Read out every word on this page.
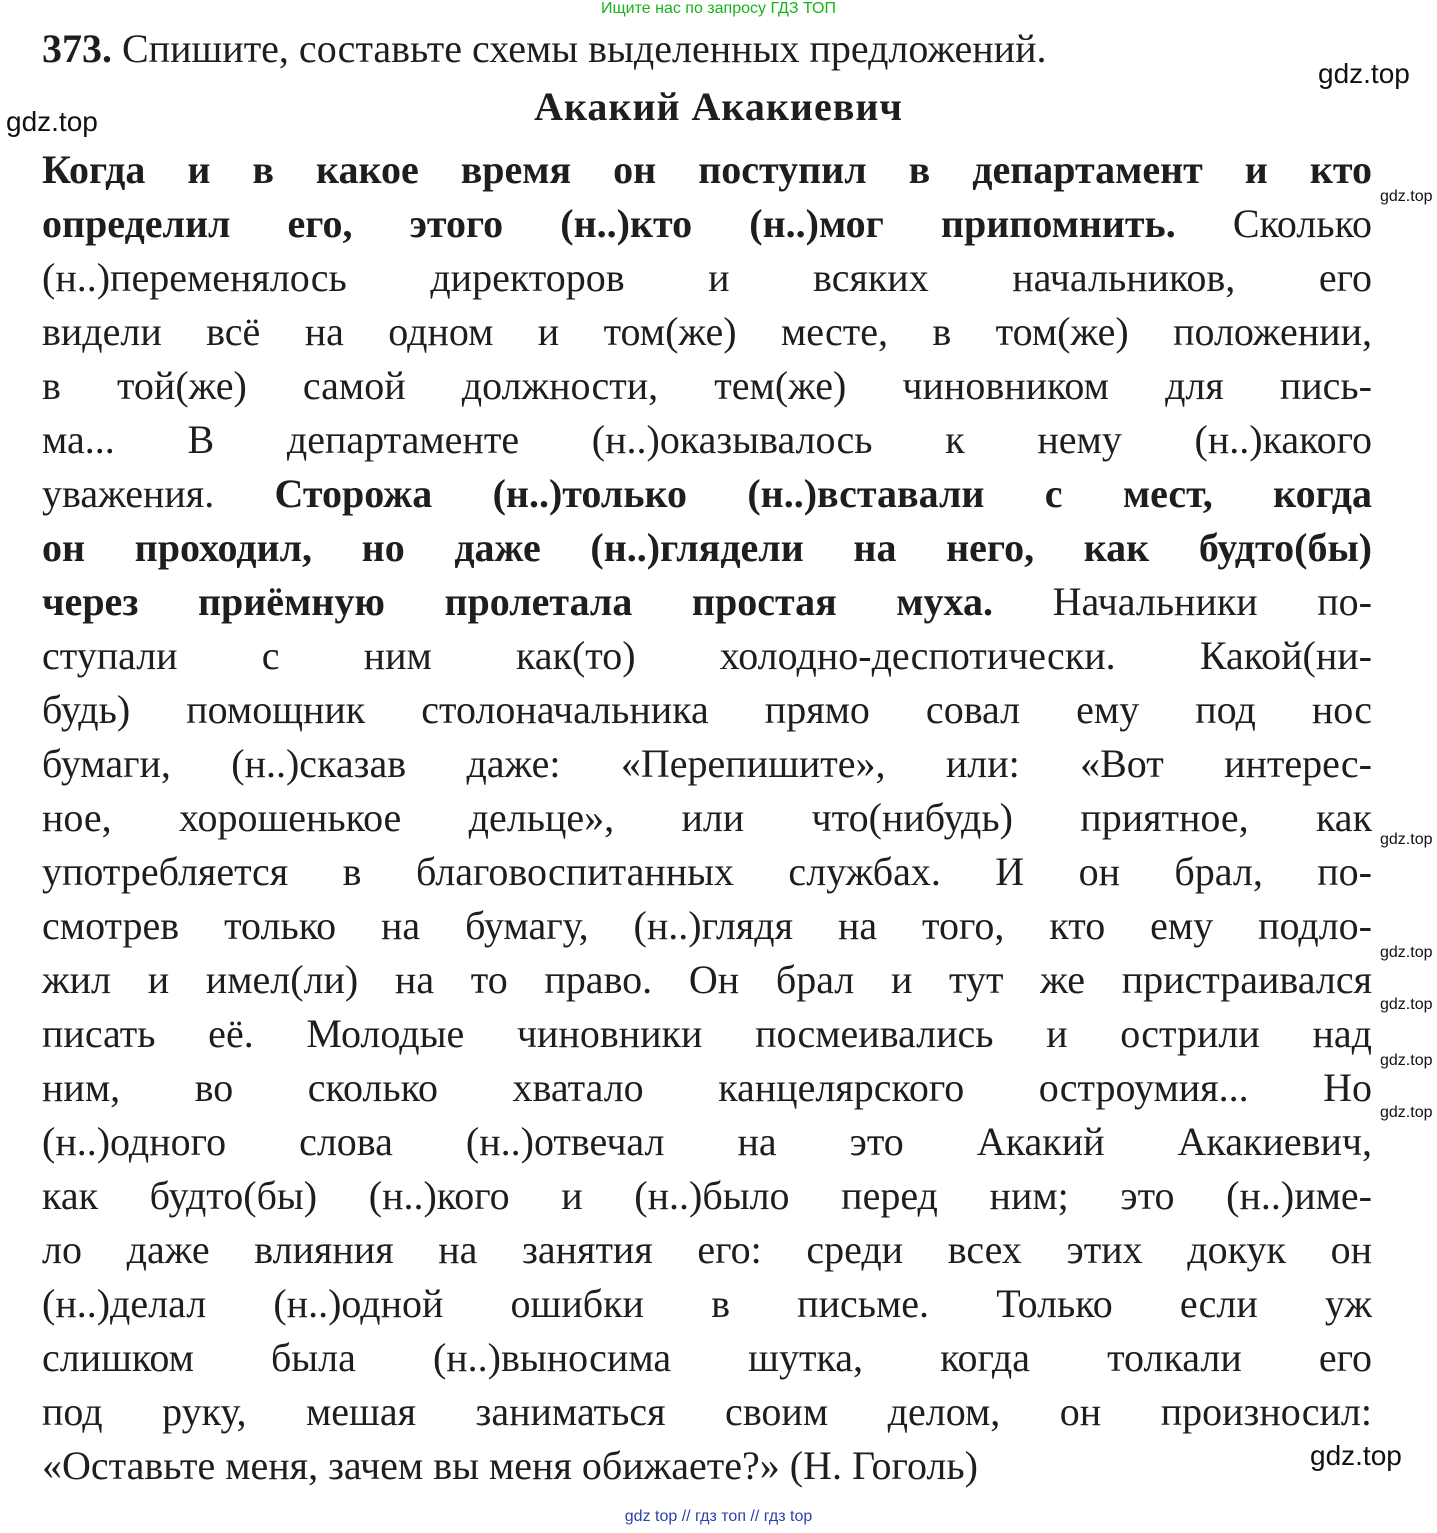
Ищите нас по запросу ГДЗ ТОП
373. Спишите, составьте схемы выделенных предложений.
Акакий Акакиевич
Когда и в какое время он поступил в департамент и кто
определил его, этого (н..)кто (н..)мог припомнить. Сколько
(н..)переменялось директоров и всяких начальников, его
видели всё на одном и том(же) месте, в том(же) положении,
в той(же) самой должности, тем(же) чиновником для пись-
ма... В департаменте (н..)оказывалось к нему (н..)какого
уважения. Сторожа (н..)только (н..)вставали с мест, когда
он проходил, но даже (н..)глядели на него, как будто(бы)
через приёмную пролетала простая муха. Начальники по-
ступали с ним как(то) холодно-деспотически. Какой(ни-
будь) помощник столоначальника прямо совал ему под нос
бумаги, (н..)сказав даже: «Перепишите», или: «Вот интерес-
ное, хорошенькое дельце», или что(нибудь) приятное, как
употребляется в благовоспитанных службах. И он брал, по-
смотрев только на бумагу, (н..)глядя на того, кто ему подло-
жил и имел(ли) на то право. Он брал и тут же пристраивался
писать её. Молодые чиновники посмеивались и острили над
ним, во сколько хватало канцелярского остроумия... Но
(н..)одного слова (н..)отвечал на это Акакий Акакиевич,
как будто(бы) (н..)кого и (н..)было перед ним; это (н..)име-
ло даже влияния на занятия его: среди всех этих докук он
(н..)делал (н..)одной ошибки в письме. Только если уж
слишком была (н..)выносима шутка, когда толкали его
под руку, мешая заниматься своим делом, он произносил:
«Оставьте меня, зачем вы меня обижаете?» (Н. Гоголь)
gdz.top
gdz.top
gdz.top
gdz.top
gdz.top
gdz.top
gdz.top
gdz.top
gdz.top
gdz top // гдз топ // гдз top
